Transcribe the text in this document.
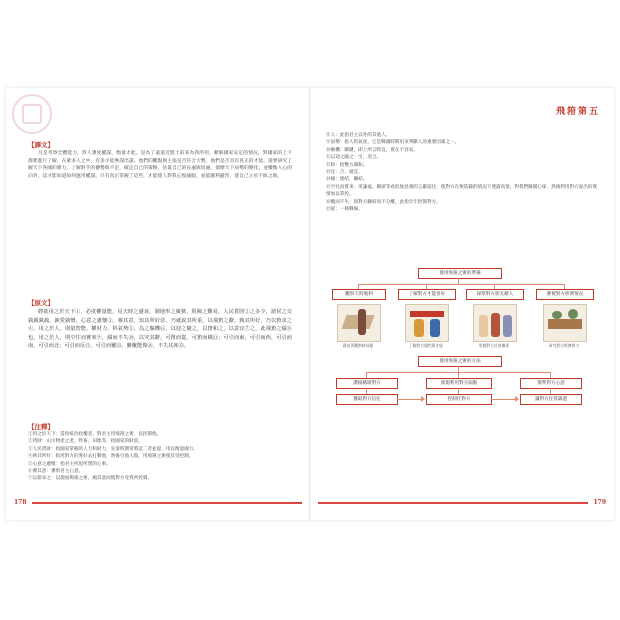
【譯文】
凡是考察全體能力，對人審度權謀，衡量才能，是為了遠道近賢士前來為我所用，瞭解國家安定的情況，對國家的上下都要進行了解，在眾多人之中，有多少能參謀出謀。他們的觀點與主張是否符合大勢，他們是否具有真正的才能。還要研究了解天下各國的實力，了解對手的優勢與不足，確定自己的策略，估量自己的長處與短處，揣摩天下局勢的變化，並權衡人心的向背，這才能知道如何運用權謀。只有真正掌握了這些，才能使人對我心悅誠服，並能趨利避害，使自己立於不敗之地。
【原文】
將欲用之於天下①，必度權量能，見天時之盛衰，制地形之廣狹、阻險之難易，人民貨財②之多少，諸侯之交孰親孰疏，孰愛孰憎，心意之慮懷③。審其意，知其所好惡，乃就說其所重，以飛箝之辭，鉤其所好，乃以箝求之④。用之於人，則量智能、權材力、料氣勢⑤，為之樞機⑥，以迎之隨之，以箝和之，以意宜⑦之，此飛箝之綴⑧也。用之於人，則空往而實來⑨，綴而不失⑩，以究其辭，可箝而從，可箝而橫⑪；可引而東，可引而西，可引而南，可引而北；可引而反⑫，可引而覆⑬。雖覆能復⑭，不失其度⑮。
【注釋】
①用之於天下：當指統治政權者，對君主用飛箝之術，以控制他。
②貨財：山川物產之產、牲畜、田地等，指國家的財富。
③人民貨財：指國家掌握的人力和財力，先秦時期常將這二者並提，用以衡量國力。
④鉤其所好：指用對方的愛好去打動他，然後引他入彀，用飛箝之術使其受控制。
⑤心意之慮懷：指君主所思所想的心事。
⑥審其意：審察君主心意。
⑦以箝求之：以施加鉤箝之術，順其意而使對方受我所控制。
178
飛箝第五
⑧人：此指君主以外的其他人。
⑨氣勢：指人的氣度，它是戰國時期用來判斷人的重要因素之一。
⑩樞機：關鍵，即上所言時宜，實在不容易。
⑪以迎之隨之：引，迎合。
⑫和：指雙方調和。
⑬宜：合，適宜。
⑭綴：連結，聯結。
⑮空往而實來：用謙虛、稱頌等看似無意義的言辭前往，使對方在無防範的情況下透露真情，對我們敞開心扉，然後利用對方說出的實情加以掌控。
⑯縱而不失：與對方聯結而不分離，此指牢牢控制對方。
⑰從：一條戰線。
使用飛箝之術的準備
觀察天時地利	了解對方才能喜好	探察對方朋友敵人	審視對方經濟情況
藉由著觀察時局變	了解對方個性與才能	掌握對方社會關係	研究對方經濟實力
使用飛箝之術的方法
讚揚稱頌對方	發現利用對方弱點	摸準對方心意
獲取對方信任	控制住對方	讓對方任我調遣
179
